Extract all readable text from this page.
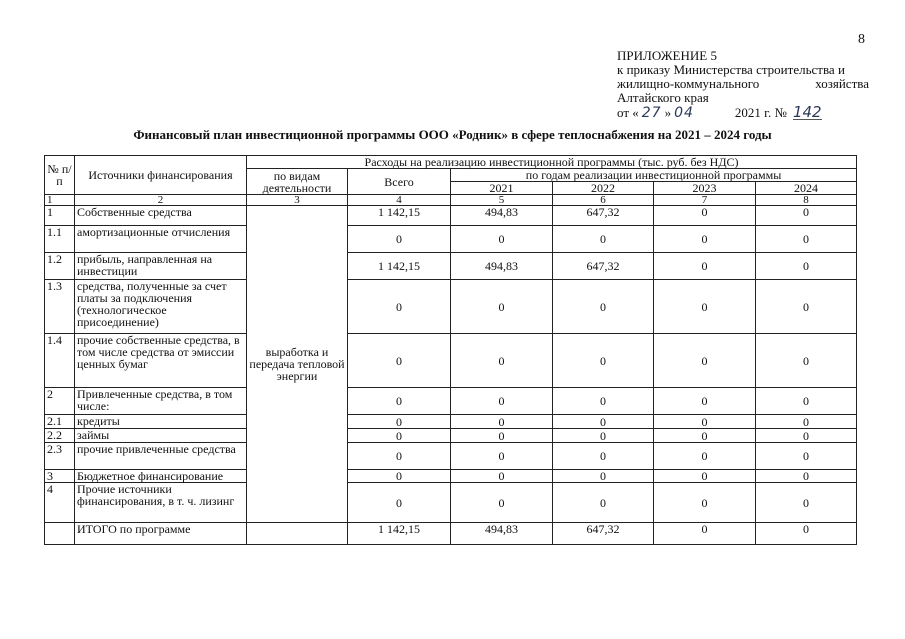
8
ПРИЛОЖЕНИЕ 5
к приказу Министерства строительства и
жилищно-коммунального	хозяйства
Алтайского края
от « 27 » 04	2021 г. № 142
Финансовый план инвестиционной программы ООО «Родник» в сфере теплоснабжения на 2021 – 2024 годы
№ п/п	Источники финансирования	Расходы на реализацию инвестиционной программы (тыс. руб. без НДС)					
		по видам деятельности	Всего	по годам реализации инвестиционной программы			
				2021	2022	2023	2024
1	2	3	4	5	6	7	8
1	Собственные средства	выработка и передача тепловой энергии	1 142,15	494,83	647,32	0	0
1.1	амортизационные отчисления		0	0	0	0	0
1.2	прибыль, направленная на инвестиции		1 142,15	494,83	647,32	0	0
1.3	средства, полученные за счет платы за подключения (технологическое присоединение)		0	0	0	0	0
1.4	прочие собственные средства, в том числе средства от эмиссии ценных бумаг		0	0	0	0	0
2	Привлеченные средства, в том числе:		0	0	0	0	0
2.1	кредиты		0	0	0	0	0
2.2	займы		0	0	0	0	0
2.3	прочие привлеченные средства		0	0	0	0	0
3	Бюджетное финансирование		0	0	0	0	0
4	Прочие источники финансирования, в т. ч. лизинг		0	0	0	0	0
	ИТОГО по программе		1 142,15	494,83	647,32	0	0
